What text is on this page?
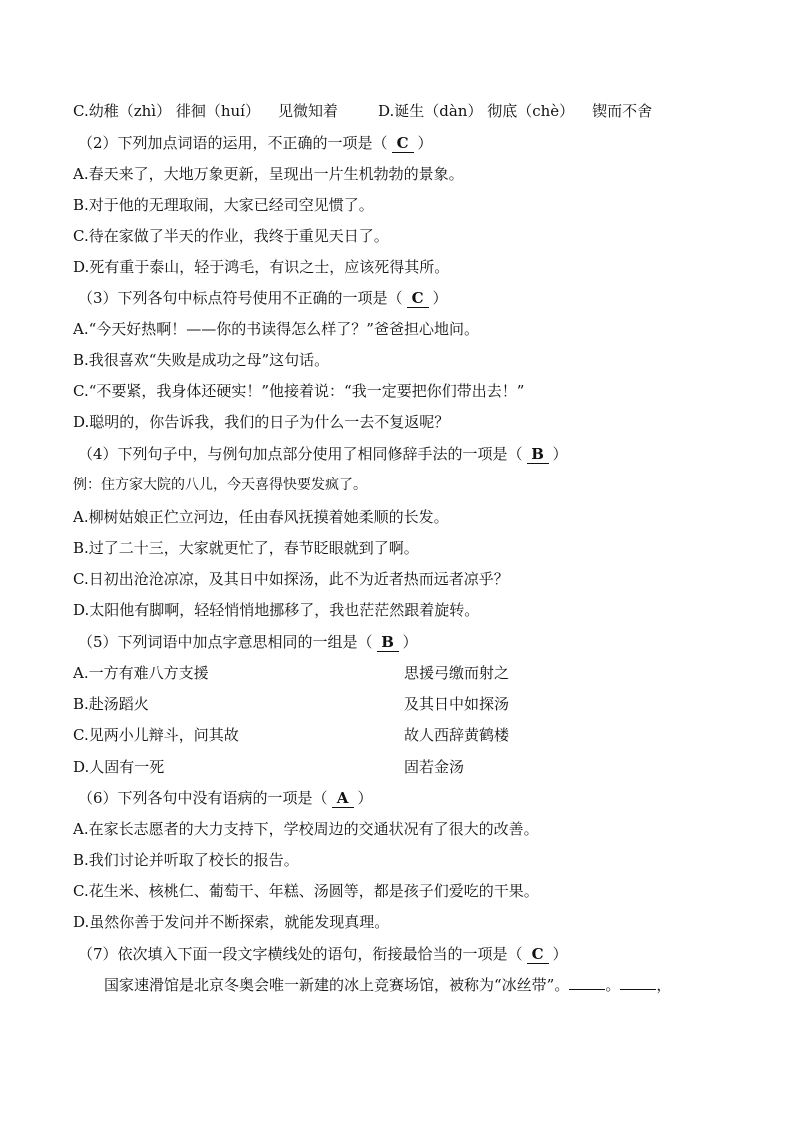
C.幼稚（zhì） 徘徊（huí） 见微知着	D.诞生（dàn） 彻底（chè） 锲而不舍
（2）下列加点词语的运用，不正确的一项是（ C ）
A.春天来了，大地万象更新，呈现出一片生机勃勃的景象。
B.对于他的无理取闹，大家已经司空见惯了。
C.待在家做了半天的作业，我终于重见天日了。
D.死有重于泰山，轻于鸿毛，有识之士，应该死得其所。
（3）下列各句中标点符号使用不正确的一项是（ C ）
A.“今天好热啊！——你的书读得怎么样了？”爸爸担心地问。
B.我很喜欢“失败是成功之母”这句话。
C.“不要紧，我身体还硬实！”他接着说：“我一定要把你们带出去！”
D.聪明的，你告诉我，我们的日子为什么一去不复返呢？
（4）下列句子中，与例句加点部分使用了相同修辞手法的一项是（ B ）
例：住方家大院的八儿，今天喜得快要发疯了。
A.柳树姑娘正伫立河边，任由春风抚摸着她柔顺的长发。
B.过了二十三，大家就更忙了，春节眨眼就到了啊。
C.日初出沧沧凉凉，及其日中如探汤，此不为近者热而远者凉乎？
D.太阳他有脚啊，轻轻悄悄地挪移了，我也茫茫然跟着旋转。
（5）下列词语中加点字意思相同的一组是（ B ）
A.一方有难八方支援	思援弓缴而射之
B.赴汤蹈火	及其日中如探汤
C.见两小儿辩斗，问其故	故人西辞黄鹤楼
D.人固有一死	固若金汤
（6）下列各句中没有语病的一项是（ A ）
A.在家长志愿者的大力支持下，学校周边的交通状况有了很大的改善。
B.我们讨论并听取了校长的报告。
C.花生米、核桃仁、葡萄干、年糕、汤圆等，都是孩子们爱吃的干果。
D.虽然你善于发问并不断探索，就能发现真理。
（7）依次填入下面一段文字横线处的语句，衔接最恰当的一项是（ C ）
国家速滑馆是北京冬奥会唯一新建的冰上竞赛场馆，被称为“冰丝带”。 。 ，
